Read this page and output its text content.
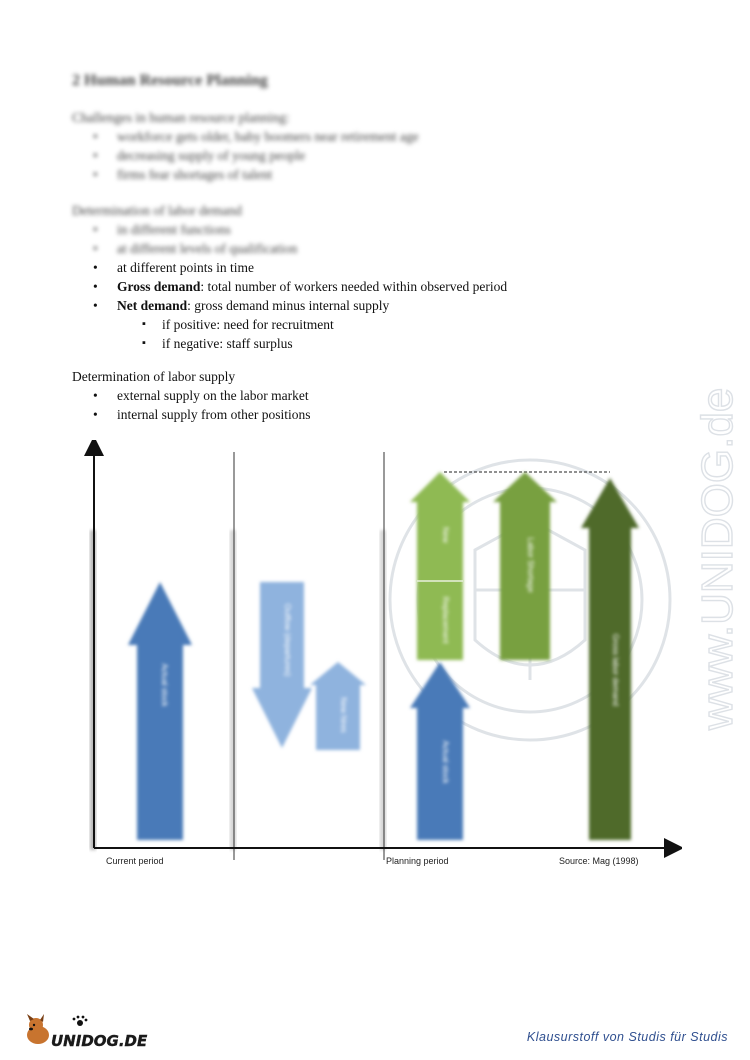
2 Human Resource Planning
Challenges in human resource planning:
• workforce gets older, baby boomers near retirement age
• decreasing supply of young people
• firms fear shortages of talent
Determination of labor demand
• in different functions
• at different levels of qualification
• at different points in time
• Gross demand: total number of workers needed within observed period
• Net demand: gross demand minus internal supply
▪ if positive: need for recruitment
▪ if negative: staff surplus
Determination of labor supply
• external supply on the labor market
• internal supply from other positions	www.UNIDOG.de
Actual stock
Outflow (departures)
New hires
Actual stock
New
Replacement
Labor Shortage
Gross labor demand
Current period	Planning period	Source: Mag (1998)
UNIDOG.DE	Klausurstoff von Studis für Studis
